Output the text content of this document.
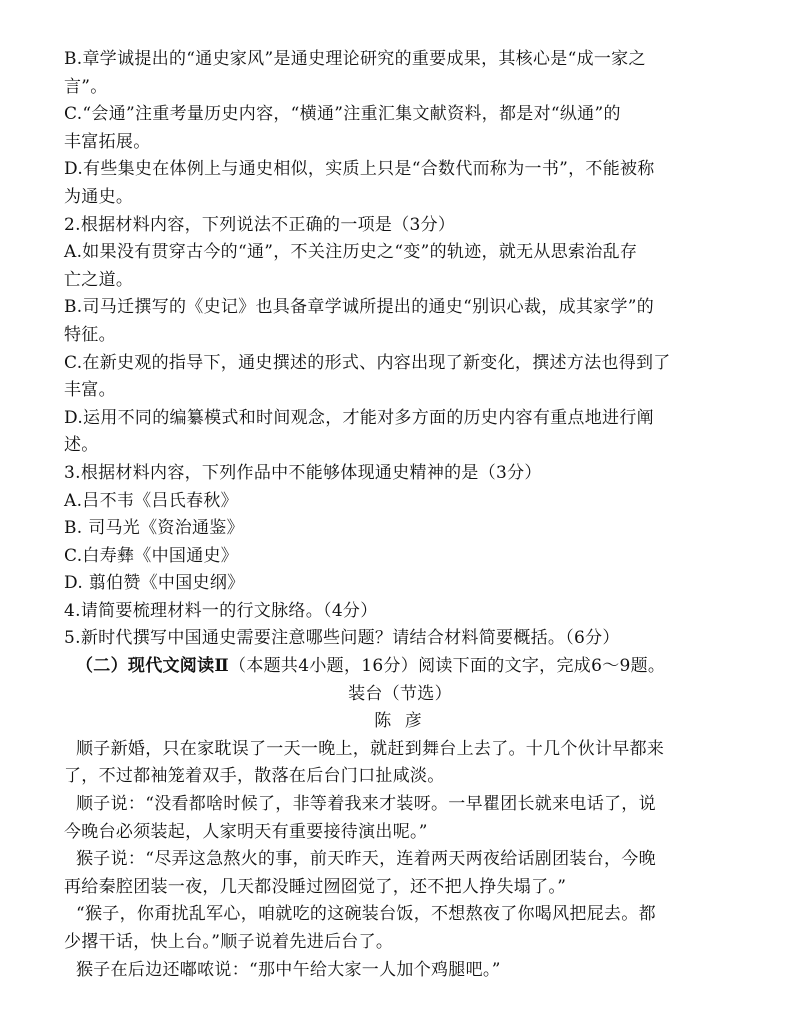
B.章学诚提出的“通史家风”是通史理论研究的重要成果，其核心是“成一家之
言”。
C.“会通”注重考量历史内容，“横通”注重汇集文献资料，都是对“纵通”的
丰富拓展。
D.有些集史在体例上与通史相似，实质上只是“合数代而称为一书”，不能被称
为通史。
2.根据材料内容，下列说法不正确的一项是（3分）
A.如果没有贯穿古今的“通”，不关注历史之“变”的轨迹，就无从思索治乱存
亡之道。
B.司马迁撰写的《史记》也具备章学诚所提出的通史“别识心裁，成其家学”的
特征。
C.在新史观的指导下，通史撰述的形式、内容出现了新变化，撰述方法也得到了
丰富。
D.运用不同的编纂模式和时间观念，才能对多方面的历史内容有重点地进行阐
述。
3.根据材料内容，下列作品中不能够体现通史精神的是（3分）
A.吕不韦《吕氏春秋》
B. 司马光《资治通鉴》
C.白寿彝《中国通史》
D. 翦伯赞《中国史纲》
4.请简要梳理材料一的行文脉络。（4分）
5.新时代撰写中国通史需要注意哪些问题？请结合材料简要概括。（6分）
（二）现代文阅读Ⅱ（本题共4小题，16分）阅读下面的文字，完成6～9题。
装台（节选）
陈 彦
顺子新婚，只在家耽误了一天一晚上，就赶到舞台上去了。十几个伙计早都来
了，不过都袖笼着双手，散落在后台门口扯咸淡。
顺子说：“没看都啥时候了，非等着我来才装呀。一早瞿团长就来电话了，说
今晚台必须装起，人家明天有重要接待演出呢。”
猴子说：“尽弄这急熬火的事，前天昨天，连着两天两夜给话剧团装台，今晚
再给秦腔团装一夜，几天都没睡过囫囵觉了，还不把人挣失塌了。”
“猴子，你甭扰乱军心，咱就吃的这碗装台饭，不想熬夜了你喝风把屁去。都
少撂干话，快上台。”顺子说着先进后台了。
猴子在后边还嘟哝说：“那中午给大家一人加个鸡腿吧。”
